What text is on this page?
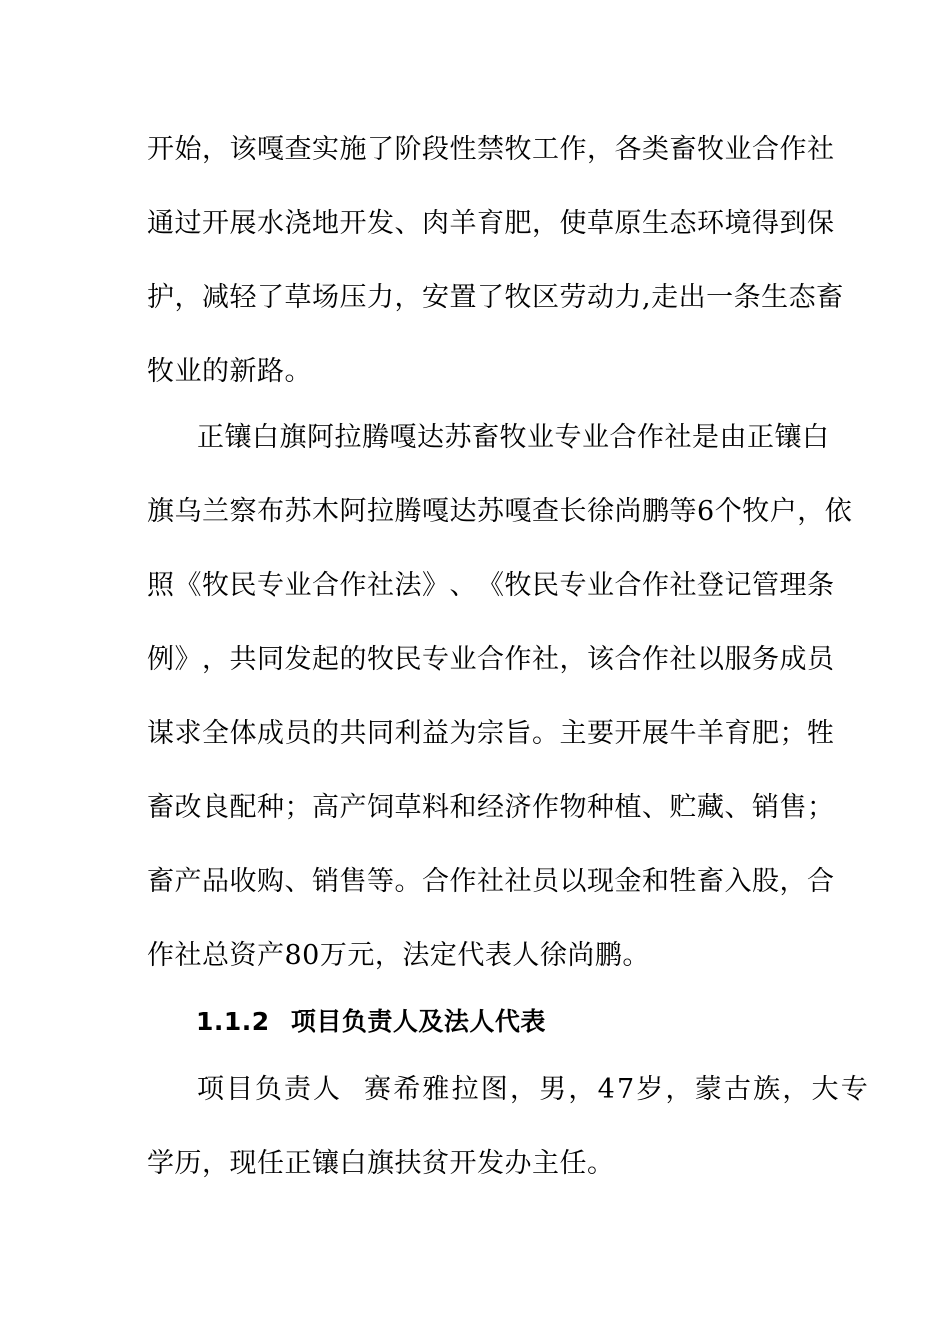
开 始 ， 该 嘎 查 实 施 了 阶 段 性 禁 牧 工 作 ， 各 类 畜 牧 业 合 作 社
通 过 开 展 水 浇 地 开 发 、 肉 羊 育 肥 ， 使 草 原 生 态 环 境 得 到 保
护 ， 减 轻 了 草 场 压 力 ， 安 置 了 牧 区 劳 动 力 , 走 出 一 条 生 态 畜
牧业的新路。
正 镶 白 旗 阿 拉 腾 嘎 达 苏 畜 牧 业 专 业 合 作 社 是 由 正 镶 白
旗 乌 兰 察 布 苏 木 阿 拉 腾 嘎 达 苏 嘎 查 长 徐 尚 鹏 等 6 个 牧 户 ， 依
照 《 牧 民 专 业 合 作 社 法 》 、 《 牧 民 专 业 合 作 社 登 记 管 理 条
例 》 ， 共 同 发 起 的 牧 民 专 业 合 作 社 ， 该 合 作 社 以 服 务 成 员
谋 求 全 体 成 员 的 共 同 利 益 为 宗 旨 。 主 要 开 展 牛 羊 育 肥 ； 牲
畜 改 良 配 种 ； 高 产 饲 草 料 和 经 济 作 物 种 植 、 贮 藏 、 销 售 ；
畜 产 品 收 购 、 销 售 等 。 合 作 社 社 员 以 现 金 和 牲 畜 入 股 ， 合
作社总资产80万元，法定代表人徐尚鹏。
1.1.2 项目负责人及法人代表
项目负责人 赛希雅拉图，男，47岁，蒙古族，大专
学历，现任正镶白旗扶贫开发办主任。
